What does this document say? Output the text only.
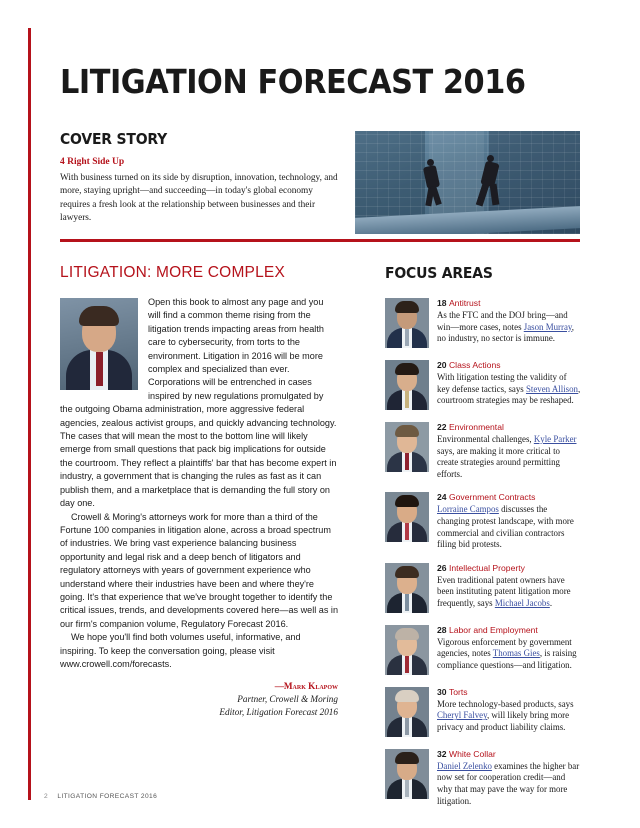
LITIGATION FORECAST 2016
COVER STORY

4 Right Side Up

With business turned on its side by disruption, innovation, technology, and more, staying upright—and succeeding—in today's global economy requires a fresh look at the relationship between businesses and their lawyers.

LITIGATION: MORE COMPLEX

Open this book to almost any page and you will find a common theme rising from the litigation trends impacting areas from health care to cybersecurity, from torts to the environment. Litigation in 2016 will be more complex and specialized than ever. Corporations will be entrenched in cases inspired by new regulations promulgated by the outgoing Obama administration, more aggressive federal agencies, zealous activist groups, and quickly advancing technology. The cases that will mean the most to the bottom line will likely emerge from small questions that pack big implications for outside the courtroom. They reflect a plaintiffs' bar that has become expert in industry, a government that is changing the rules as fast as it can publish them, and a marketplace that is demanding the full story on day one.

Crowell & Moring's attorneys work for more than a third of the Fortune 100 companies in litigation alone, across a broad spectrum of industries. We bring vast experience balancing business opportunity and legal risk and a deep bench of litigators and regulatory attorneys with years of government experience who understand where their industries have been and where they're going. It's that experience that we've brought together to identify the critical issues, trends, and developments covered here—as well as in our firm's companion volume, Regulatory Forecast 2016.

We hope you'll find both volumes useful, informative, and inspiring. To keep the conversation going, please visit www.crowell.com/forecasts.

—Mark Klapow
Partner, Crowell & Moring
Editor, Litigation Forecast 2016
FOCUS AREAS
18 Antitrust
As the FTC and the DOJ bring—and win—more cases, notes Jason Murray, no industry, no sector is immune.
20 Class Actions
With litigation testing the validity of key defense tactics, says Steven Allison, courtroom strategies may be reshaped.
22 Environmental
Environmental challenges, Kyle Parker says, are making it more critical to create strategies around permitting efforts.
24 Government Contracts
Lorraine Campos discusses the changing protest landscape, with more commercial and civilian contractors filing bid protests.
26 Intellectual Property
Even traditional patent owners have been instituting patent litigation more frequently, says Michael Jacobs.
28 Labor and Employment
Vigorous enforcement by government agencies, notes Thomas Gies, is raising compliance questions—and litigation.
30 Torts
More technology-based products, says Cheryl Falvey, will likely bring more privacy and product liability claims.
32 White Collar
Daniel Zelenko examines the higher bar now set for cooperation credit—and why that may pave the way for more litigation.
2 LITIGATION FORECAST 2016
